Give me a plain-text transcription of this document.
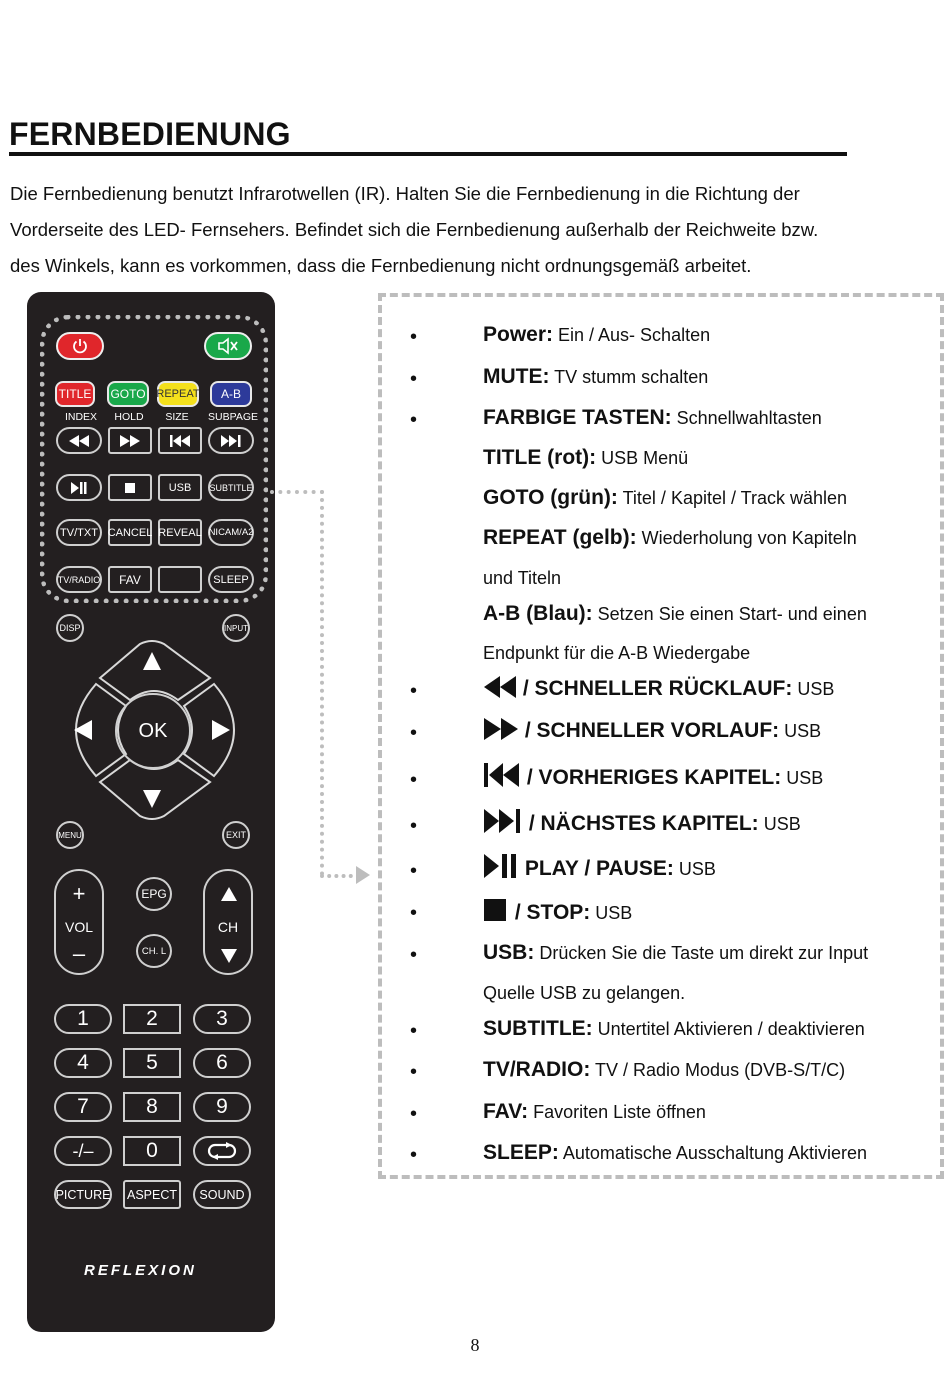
FERNBEDIENUNG

Die Fernbedienung benutzt Infrarotwellen (IR). Halten Sie die Fernbedienung in die Richtung der

Vorderseite des LED- Fernsehers. Befindet sich die Fernbedienung außerhalb der Reichweite bzw.

des Winkels, kann es vorkommen, dass die Fernbedienung nicht ordnungsgemäß arbeitet.

TITLE	GOTO REPEAT	A-B
INDEX	HOLD	SIZE	SUBPAGE
USB	SUBTITLE
TV/TXT CANCEL REVEAL NICAM/A2
TV/RADIO	FAV	SLEEP
DISP	INPUT
OK
MENU	EXIT
+
VOL
–
EPG
CH. L
CH
1	2	3
4	5	6
7	8	9
-/–	0
PICTURE	ASPECT	SOUND
REFLEXION
•
•
•
•
•
•
•
•
•
•
•
•
•
•
Power: Ein / Aus- Schalten
MUTE: TV stumm schalten
FARBIGE TASTEN: Schnellwahltasten
TITLE (rot): USB Menü
GOTO (grün): Titel / Kapitel / Track wählen
REPEAT (gelb): Wiederholung von Kapiteln
und Titeln
A-B (Blau): Setzen Sie einen Start- und einen
Endpunkt für die A-B Wiedergabe
/ SCHNELLER RÜCKLAUF: USB
/ SCHNELLER VORLAUF: USB
/ VORHERIGES KAPITEL: USB
/ NÄCHSTES KAPITEL: USB
PLAY / PAUSE: USB
/ STOP: USB
USB: Drücken Sie die Taste um direkt zur Input
Quelle USB zu gelangen.
SUBTITLE: Untertitel Aktivieren / deaktivieren
TV/RADIO: TV / Radio Modus (DVB-S/T/C)
FAV: Favoriten Liste öffnen
SLEEP: Automatische Ausschaltung Aktivieren
8
